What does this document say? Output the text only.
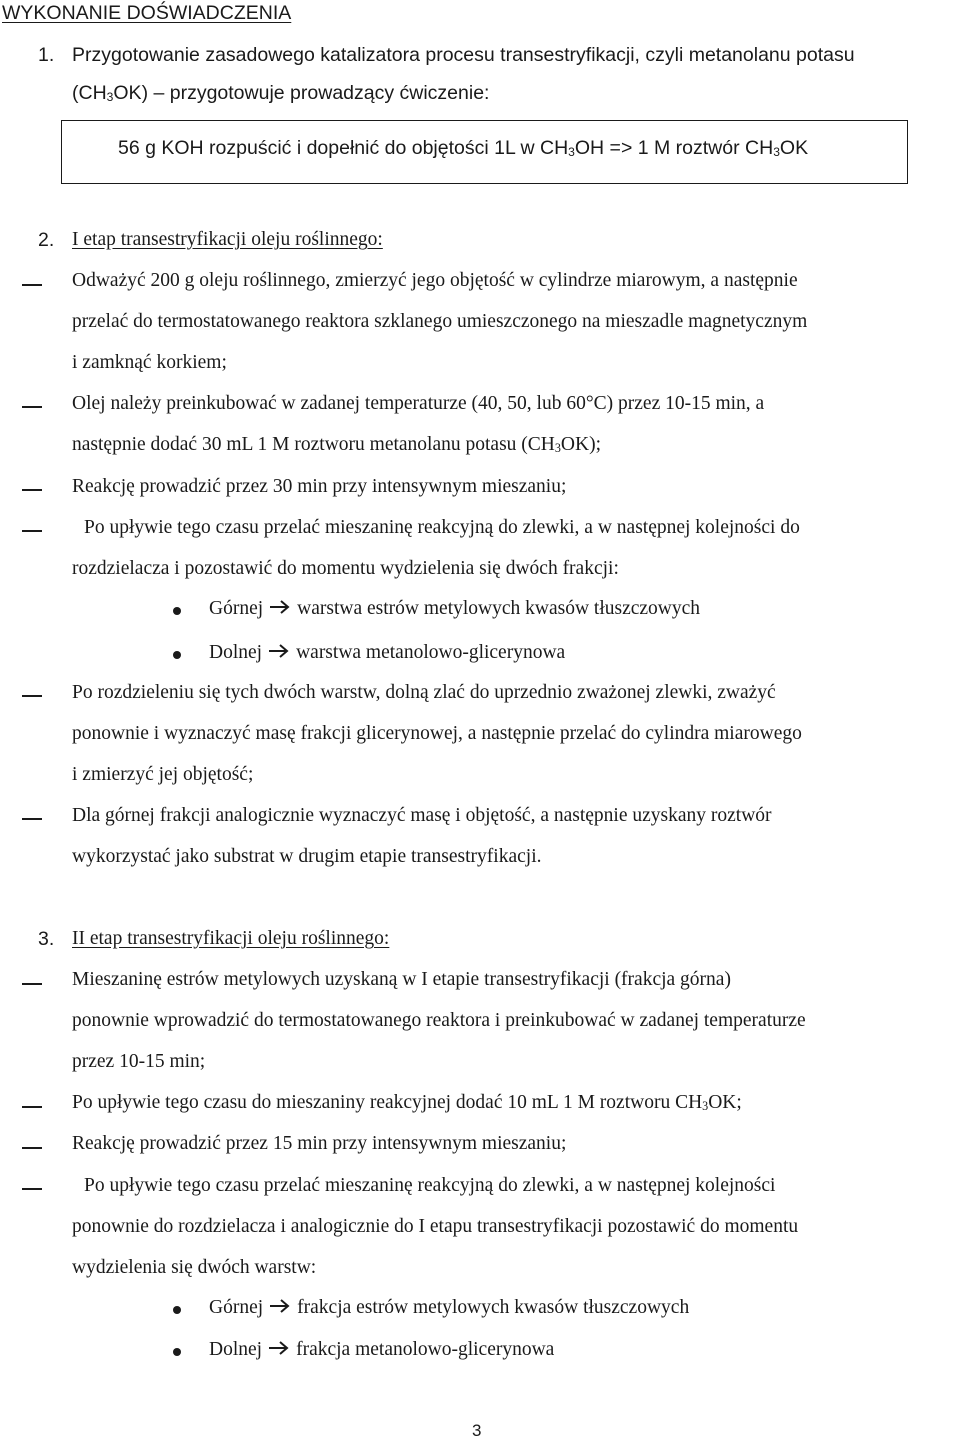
WYKONANIE DOŚWIADCZENIA
1. Przygotowanie zasadowego katalizatora procesu transestryfikacji, czyli metanolanu potasu
$(CH_3OK)$ – przygotowuje prowadzący ćwiczenie:
56 g KOH rozpuścić i dopełnić do objętości 1L w $CH_3OH => 1$ M roztwór $CH_3OK$
2. I etap transestryfikacji oleju roślinnego:
Odważyć 200 g oleju roślinnego, zmierzyć jego objętość w cylindrze miarowym, a następnie
przelać do termostatowanego reaktora szklanego umieszczonego na mieszadle magnetycznym
i zamknąć korkiem;
Olej należy preinkubować w zadanej temperaturze (40, 50, lub 60°C) przez 10-15 min, a
następnie dodać 30 mL 1 M roztworu metanolanu potasu $(CH_3OK)$;
Reakcję prowadzić przez 30 min przy intensywnym mieszaniu;
Po upływie tego czasu przelać mieszaninę reakcyjną do zlewki, a w następnej kolejności do
rozdzielacza i pozostawić do momentu wydzielenia się dwóch frakcji:
Górnej warstwa estrów metylowych kwasów tłuszczowych
Dolnej warstwa metanolowo-glicerynowa
Po rozdzieleniu się tych dwóch warstw, dolną zlać do uprzednio zważonej zlewki, zważyć
ponownie i wyznaczyć masę frakcji glicerynowej, a następnie przelać do cylindra miarowego
i zmierzyć jej objętość;
Dla górnej frakcji analogicznie wyznaczyć masę i objętość, a następnie uzyskany roztwór
wykorzystać jako substrat w drugim etapie transestryfikacji.
3. II etap transestryfikacji oleju roślinnego:
Mieszaninę estrów metylowych uzyskaną w I etapie transestryfikacji (frakcja górna)
ponownie wprowadzić do termostatowanego reaktora i preinkubować w zadanej temperaturze
przez 10-15 min;
Po upływie tego czasu do mieszaniny reakcyjnej dodać 10 mL 1 M roztworu $CH_3OK$;
Reakcję prowadzić przez 15 min przy intensywnym mieszaniu;
Po upływie tego czasu przelać mieszaninę reakcyjną do zlewki, a w następnej kolejności
ponownie do rozdzielacza i analogicznie do I etapu transestryfikacji pozostawić do momentu
wydzielenia się dwóch warstw:
Górnej frakcja estrów metylowych kwasów tłuszczowych
Dolnej frakcja metanolowo-glicerynowa
3
